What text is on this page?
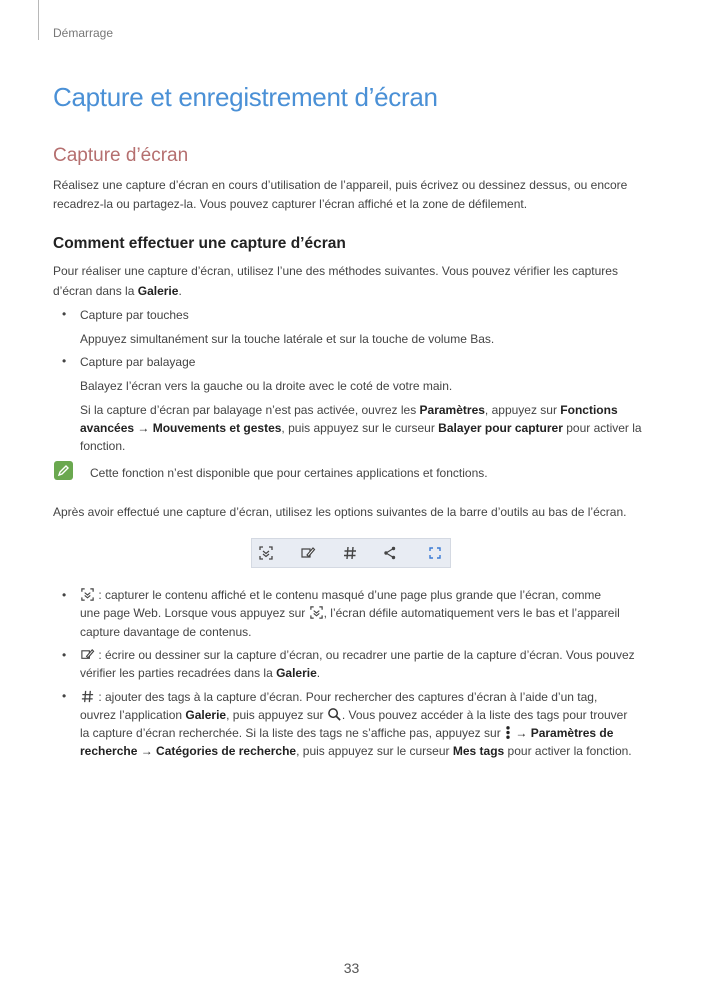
Démarrage
Capture et enregistrement d’écran
Capture d’écran

Réalisez une capture d’écran en cours d’utilisation de l’appareil, puis écrivez ou dessinez dessus, ou encore

recadrez-la ou partagez-la. Vous pouvez capturer l’écran affiché et la zone de défilement.

Comment effectuer une capture d’écran

Pour réaliser une capture d’écran, utilisez l’une des méthodes suivantes. Vous pouvez vérifier les captures

d’écran dans la Galerie.

• Capture par touches

Appuyez simultanément sur la touche latérale et sur la touche de volume Bas.

• Capture par balayage

Balayez l’écran vers la gauche ou la droite avec le coté de votre main.

Si la capture d’écran par balayage n’est pas activée, ouvrez les Paramètres, appuyez sur Fonctions

avancées → Mouvements et gestes, puis appuyez sur le curseur Balayer pour capturer pour activer la

fonction.

Cette fonction n’est disponible que pour certaines applications et fonctions.

Après avoir effectué une capture d’écran, utilisez les options suivantes de la barre d’outils au bas de l’écran.

•	: capturer le contenu affiché et le contenu masqué d’une page plus grande que l’écran, comme

une page Web. Lorsque vous appuyez sur , l’écran défile automatiquement vers le bas et l’appareil

capture davantage de contenus.

•	: écrire ou dessiner sur la capture d’écran, ou recadrer une partie de la capture d’écran. Vous pouvez

vérifier les parties recadrées dans la Galerie.

•	: ajouter des tags à la capture d’écran. Pour rechercher des captures d’écran à l’aide d’un tag,

ouvrez l’application Galerie, puis appuyez sur . Vous pouvez accéder à la liste des tags pour trouver

la capture d’écran recherchée. Si la liste des tags ne s’affiche pas, appuyez sur  → Paramètres de

recherche → Catégories de recherche, puis appuyez sur le curseur Mes tags pour activer la fonction.

33
